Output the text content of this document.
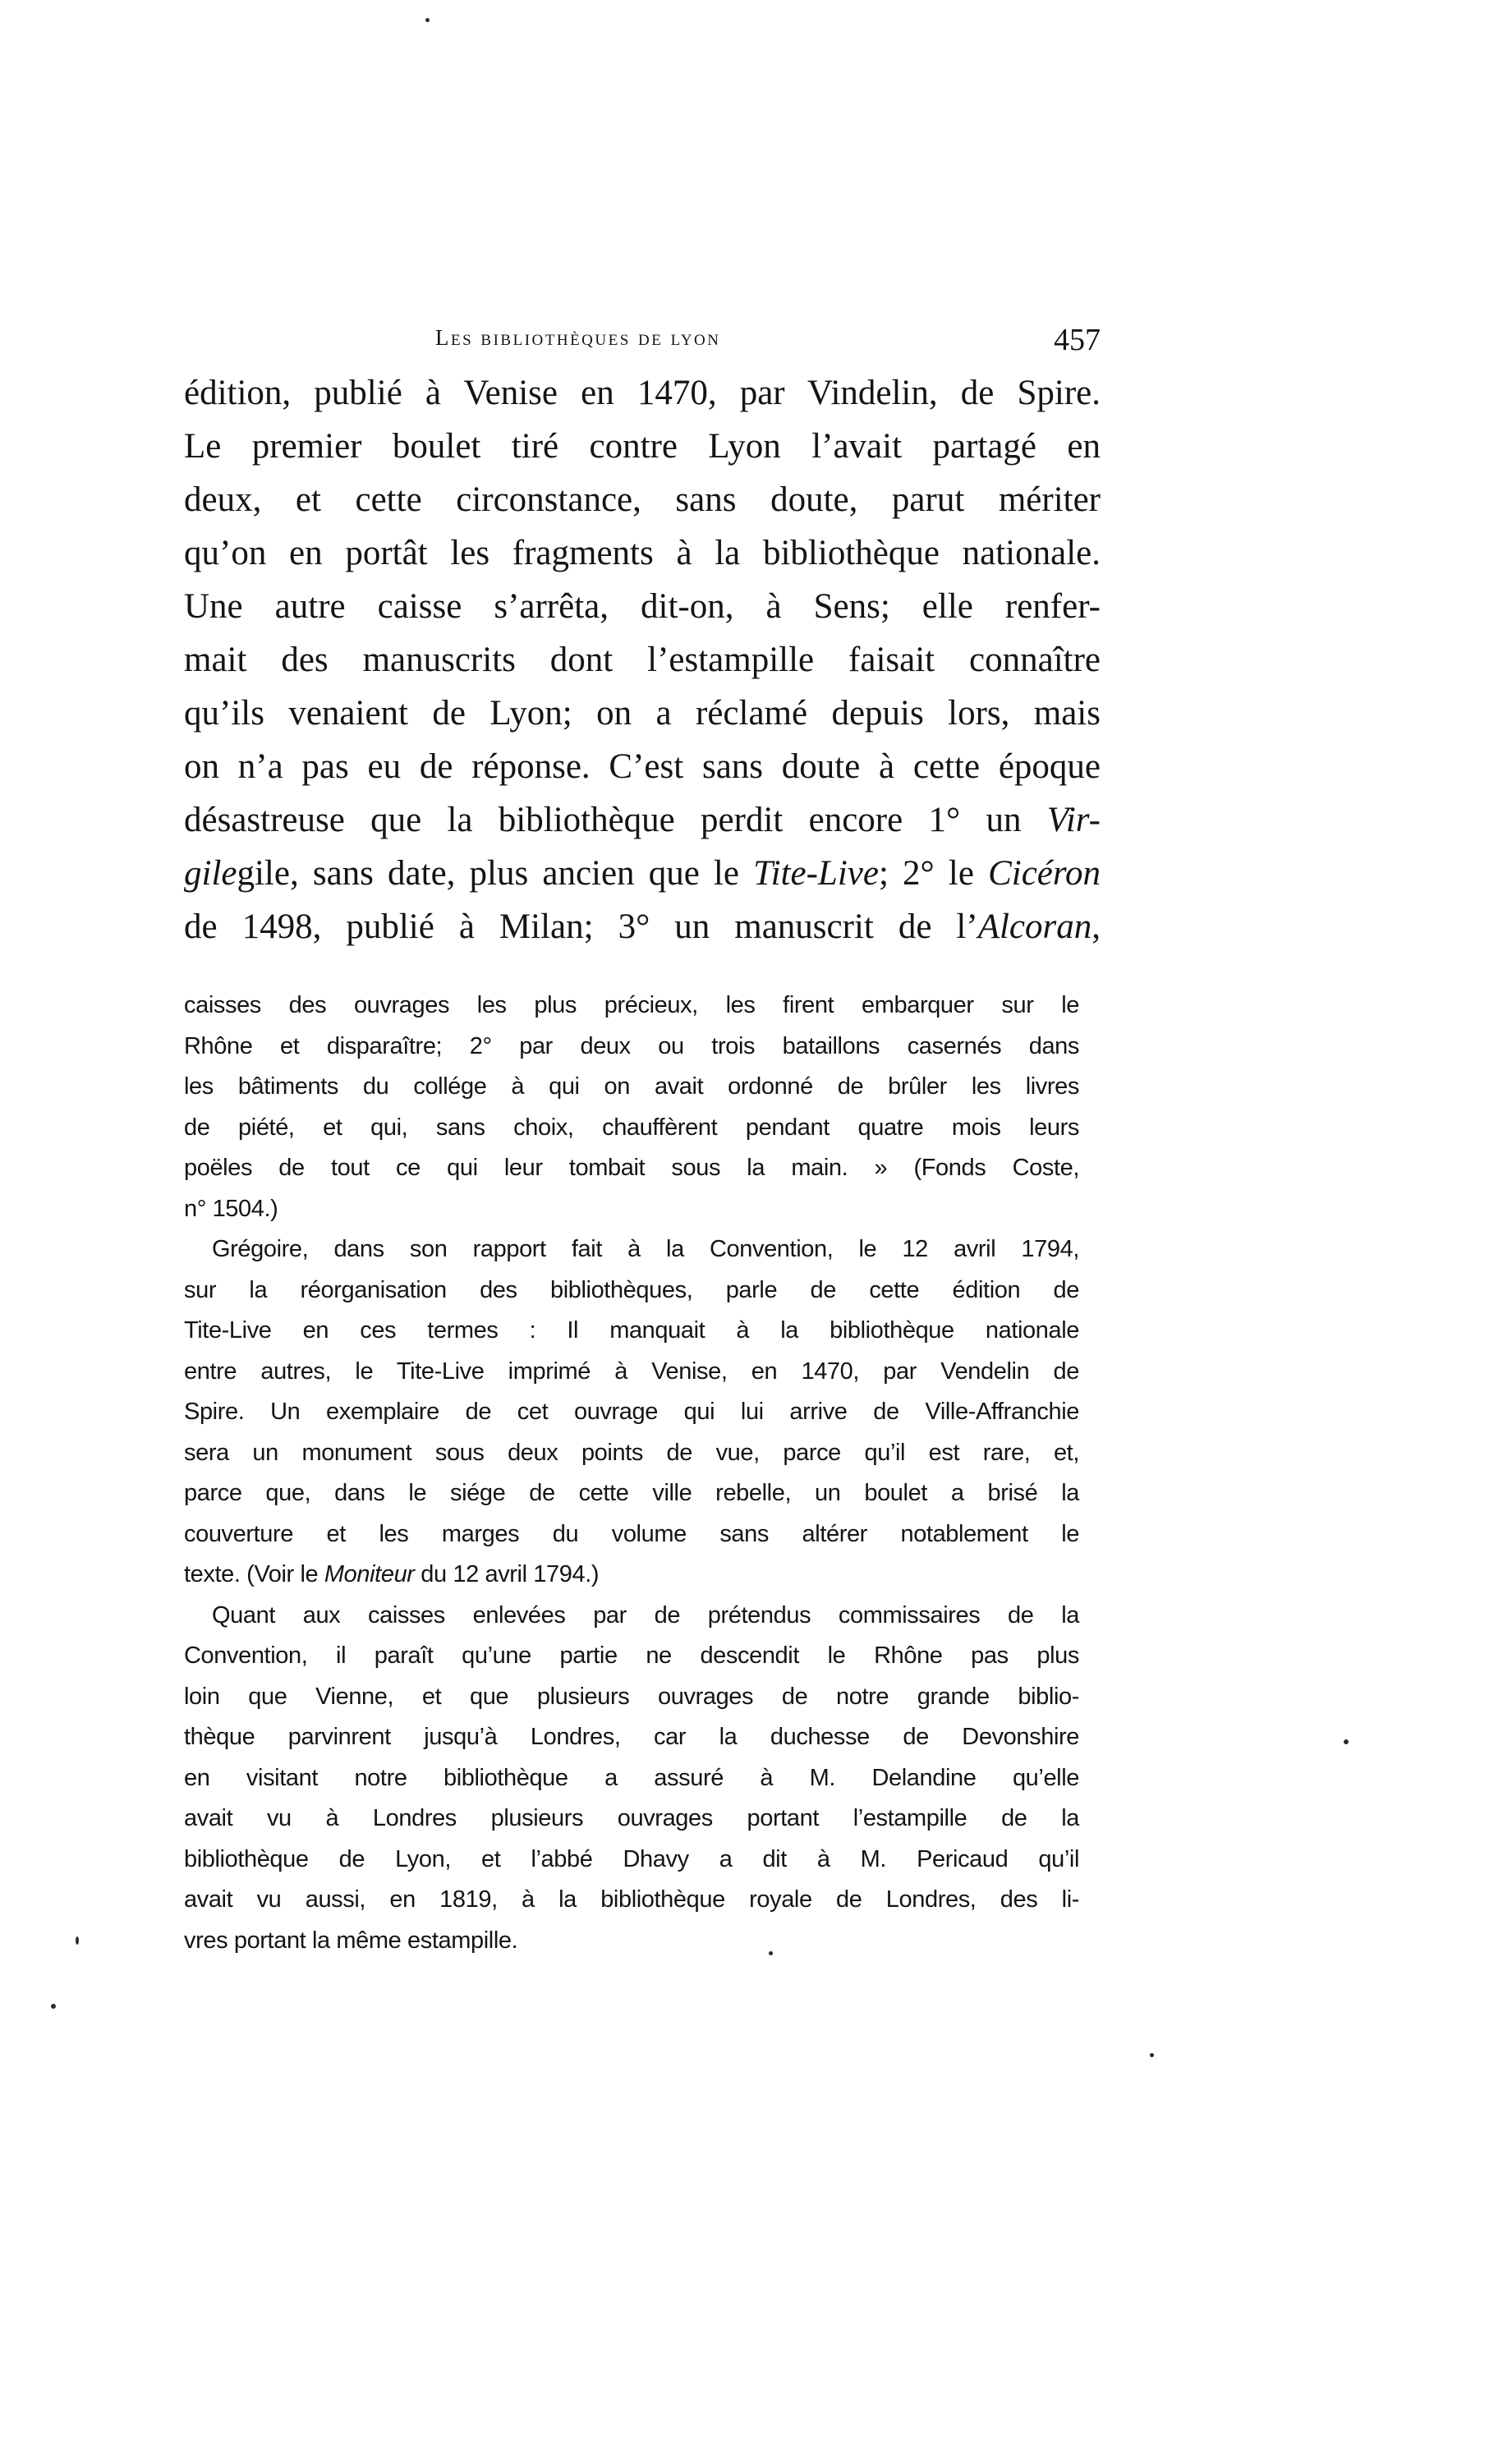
Les bibliothèques de lyon	457
édition, publié à Venise en 1470, par Vindelin, de Spire.
Le premier boulet tiré contre Lyon l’avait partagé en
deux, et cette circonstance, sans doute, parut mériter
qu’on en portât les fragments à la bibliothèque nationale.
Une autre caisse s’arrêta, dit-on, à Sens; elle renfer-
mait des manuscrits dont l’estampille faisait connaître
qu’ils venaient de Lyon; on a réclamé depuis lors, mais
on n’a pas eu de réponse. C’est sans doute à cette époque
désastreuse que la bibliothèque perdit encore 1° un Vir-
gilegile, sans date, plus ancien que le Tite-Live; 2° le Cicéron
de 1498, publié à Milan; 3° un manuscrit de l’Alcoran,
caisses des ouvrages les plus précieux, les firent embarquer sur le
Rhône et disparaître; 2° par deux ou trois bataillons casernés dans
les bâtiments du collége à qui on avait ordonné de brûler les livres
de piété, et qui, sans choix, chauffèrent pendant quatre mois leurs
poëles de tout ce qui leur tombait sous la main. » (Fonds Coste,
n° 1504.)
Grégoire, dans son rapport fait à la Convention, le 12 avril 1794,
sur la réorganisation des bibliothèques, parle de cette édition de
Tite-Live en ces termes : Il manquait à la bibliothèque nationale
entre autres, le Tite-Live imprimé à Venise, en 1470, par Vendelin de
Spire. Un exemplaire de cet ouvrage qui lui arrive de Ville-Affranchie
sera un monument sous deux points de vue, parce qu’il est rare, et,
parce que, dans le siége de cette ville rebelle, un boulet a brisé la
couverture et les marges du volume sans altérer notablement le
texte. (Voir le Moniteur du 12 avril 1794.)
Quant aux caisses enlevées par de prétendus commissaires de la
Convention, il paraît qu’une partie ne descendit le Rhône pas plus
loin que Vienne, et que plusieurs ouvrages de notre grande biblio-
thèque parvinrent jusqu’à Londres, car la duchesse de Devonshire
en visitant notre bibliothèque a assuré à M. Delandine qu’elle
avait vu à Londres plusieurs ouvrages portant l’estampille de la
bibliothèque de Lyon, et l’abbé Dhavy a dit à M. Pericaud qu’il
avait vu aussi, en 1819, à la bibliothèque royale de Londres, des li-
vres portant la même estampille.
